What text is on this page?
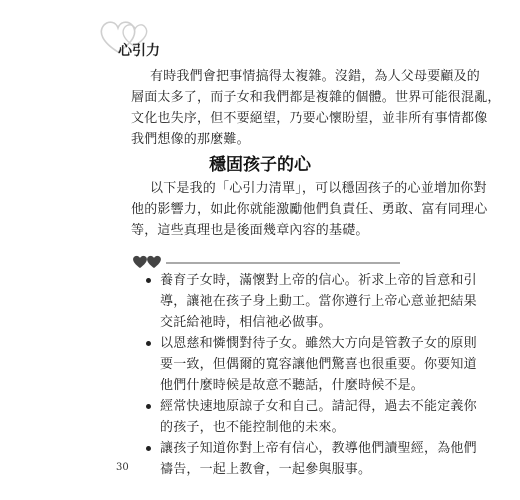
心引力
有時我們會把事情搞得太複雜。沒錯，為人父母要顧及的
層面太多了，而子女和我們都是複雜的個體。世界可能很混亂，
文化也失序，但不要絕望，乃要心懷盼望，並非所有事情都像
我們想像的那麼難。
穩固孩子的心
以下是我的「心引力清單」，可以穩固孩子的心並增加你對
他的影響力，如此你就能激勵他們負責任、勇敢、富有同理心
等，這些真理也是後面幾章內容的基礎。
養育子女時，滿懷對上帝的信心。祈求上帝的旨意和引
導，讓祂在孩子身上動工。當你遵行上帝心意並把結果
交託給祂時，相信祂必做事。
以恩慈和憐憫對待子女。雖然大方向是管教子女的原則
要一致，但偶爾的寬容讓他們驚喜也很重要。你要知道
他們什麼時候是故意不聽話，什麼時候不是。
經常快速地原諒子女和自己。請記得，過去不能定義你
的孩子，也不能控制他的未來。
讓孩子知道你對上帝有信心，教導他們讀聖經，為他們
禱告，一起上教會，一起參與服事。
30
